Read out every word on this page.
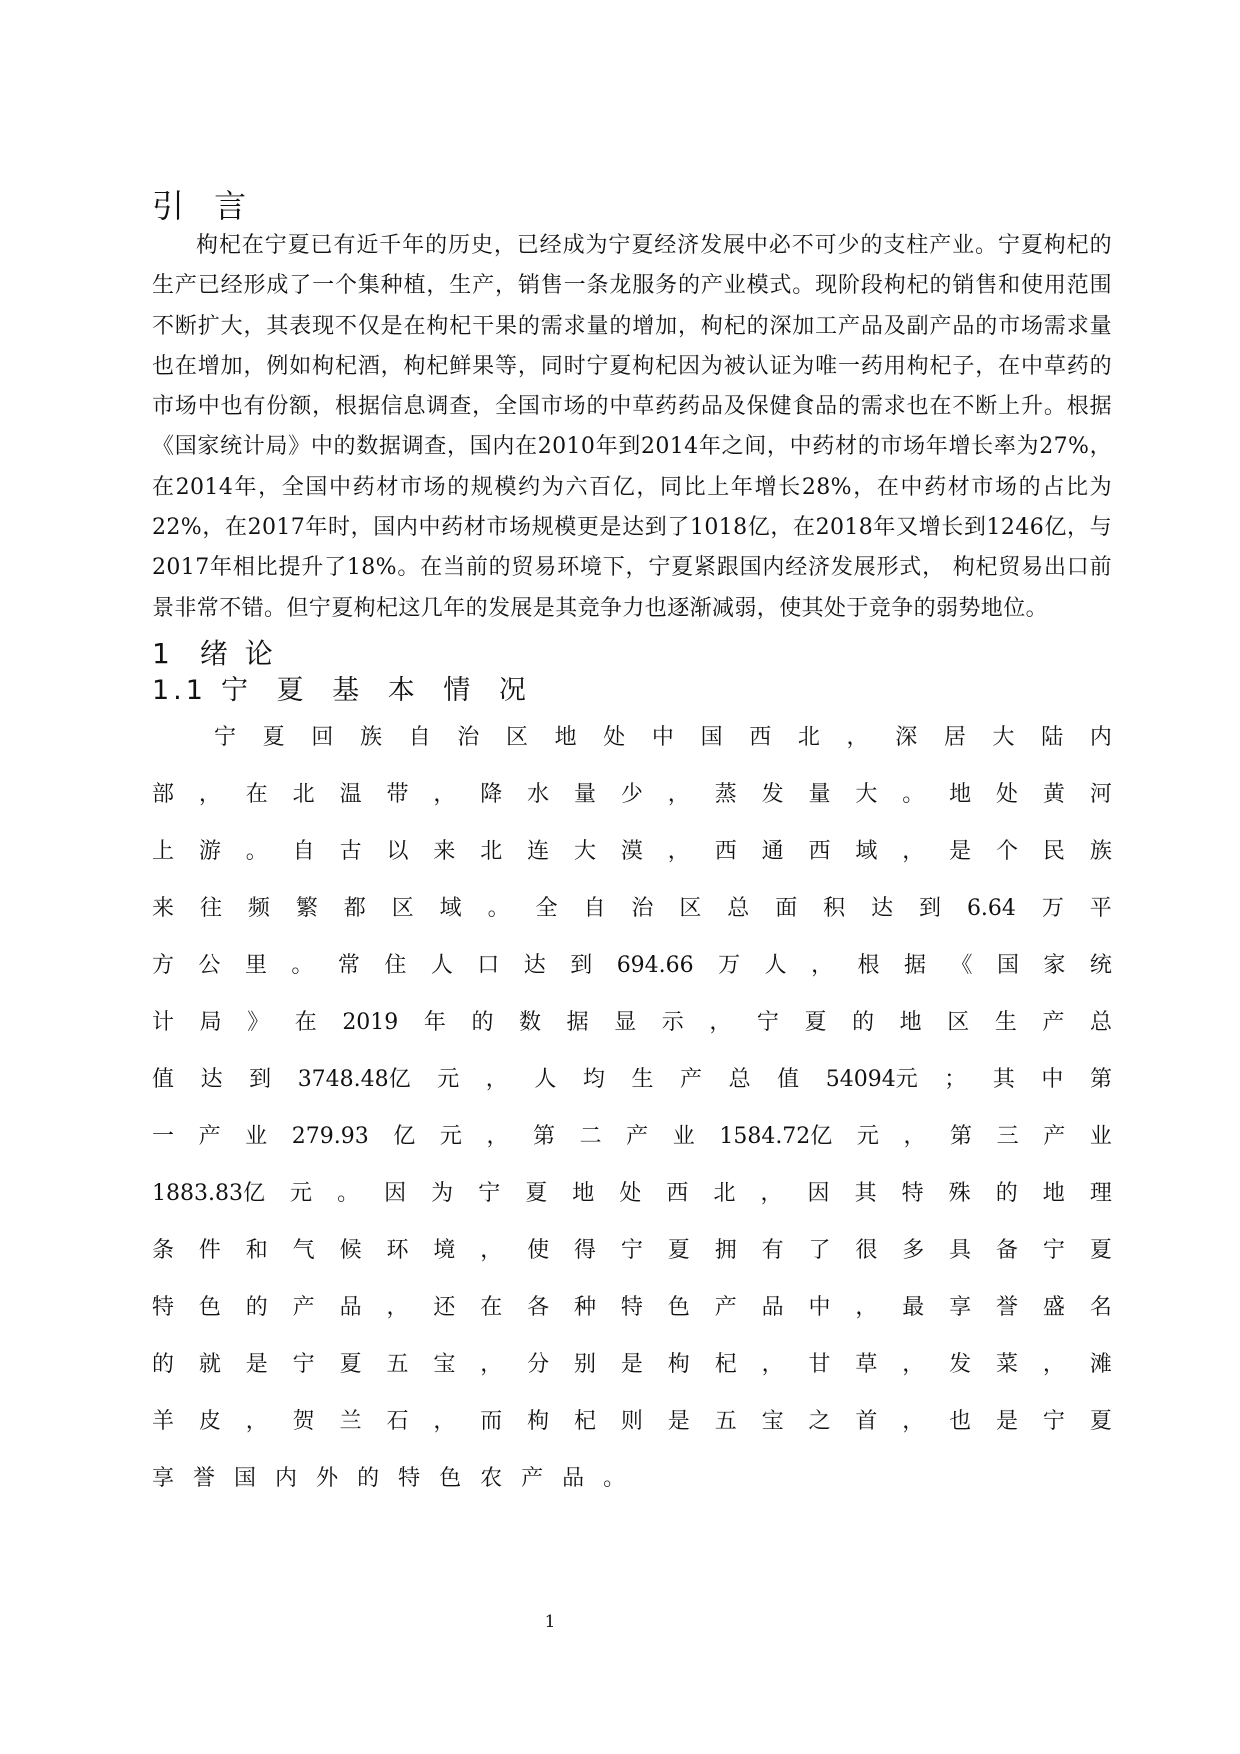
引 言

枸杞在宁夏已有近千年的历史，已经成为宁夏经济发展中必不可少的支柱产业。宁夏枸杞的生产已经形成了一个集种植，生产，销售一条龙服务的产业模式。现阶段枸杞的销售和使用范围不断扩大，其表现不仅是在枸杞干果的需求量的增加，枸杞的深加工产品及副产品的市场需求量也在增加，例如枸杞酒，枸杞鲜果等，同时宁夏枸杞因为被认证为唯一药用枸杞子，在中草药的市场中也有份额，根据信息调查，全国市场的中草药药品及保健食品的需求也在不断上升。根据《国家统计局》中的数据调查，国内在2010年到2014年之间，中药材的市场年增长率为27%，在2014年，全国中药材市场的规模约为六百亿，同比上年增长28%，在中药材市场的占比为22%，在2017年时，国内中药材市场规模更是达到了1018亿，在2018年又增长到1246亿，与2017年相比提升了18%。在当前的贸易环境下，宁夏紧跟国内经济发展形式， 枸杞贸易出口前景非常不错。但宁夏枸杞这几年的发展是其竞争力也逐渐减弱，使其处于竞争的弱势地位。

1 绪 论
1.1 宁 夏 基 本 情 况
宁 夏 回 族 自 治 区 地 处 中 国 西 北 ， 深 居 大 陆 内
部 ， 在 北 温 带 ， 降 水 量 少 ， 蒸 发 量 大 。 地 处 黄 河
上 游 。 自 古 以 来 北 连 大 漠 ， 西 通 西 域 ， 是 个 民 族
来 往 频 繁 都 区 域 。 全 自 治 区 总 面 积 达 到 6.64 万 平
方 公 里 。 常 住 人 口 达 到 694.66 万 人 ， 根 据 《 国 家 统
计 局 》 在 2019 年 的 数 据 显 示 ， 宁 夏 的 地 区 生 产 总
值 达 到 3748.48亿 元 ， 人 均 生 产 总 值 54094元 ； 其 中 第
一 产 业 279.93 亿 元 ， 第 二 产 业 1584.72亿 元 ， 第 三 产 业
1883.83亿 元 。 因 为 宁 夏 地 处 西 北 ， 因 其 特 殊 的 地 理
条 件 和 气 候 环 境 ， 使 得 宁 夏 拥 有 了 很 多 具 备 宁 夏
特 色 的 产 品 ， 还 在 各 种 特 色 产 品 中 ， 最 享 誉 盛 名
的 就 是 宁 夏 五 宝 ， 分 别 是 枸 杞 ， 甘 草 ， 发 菜 ， 滩
羊 皮 ， 贺 兰 石 ， 而 枸 杞 则 是 五 宝 之 首 ， 也 是 宁 夏
享 誉 国 内 外 的 特 色 农 产 品 。
1
